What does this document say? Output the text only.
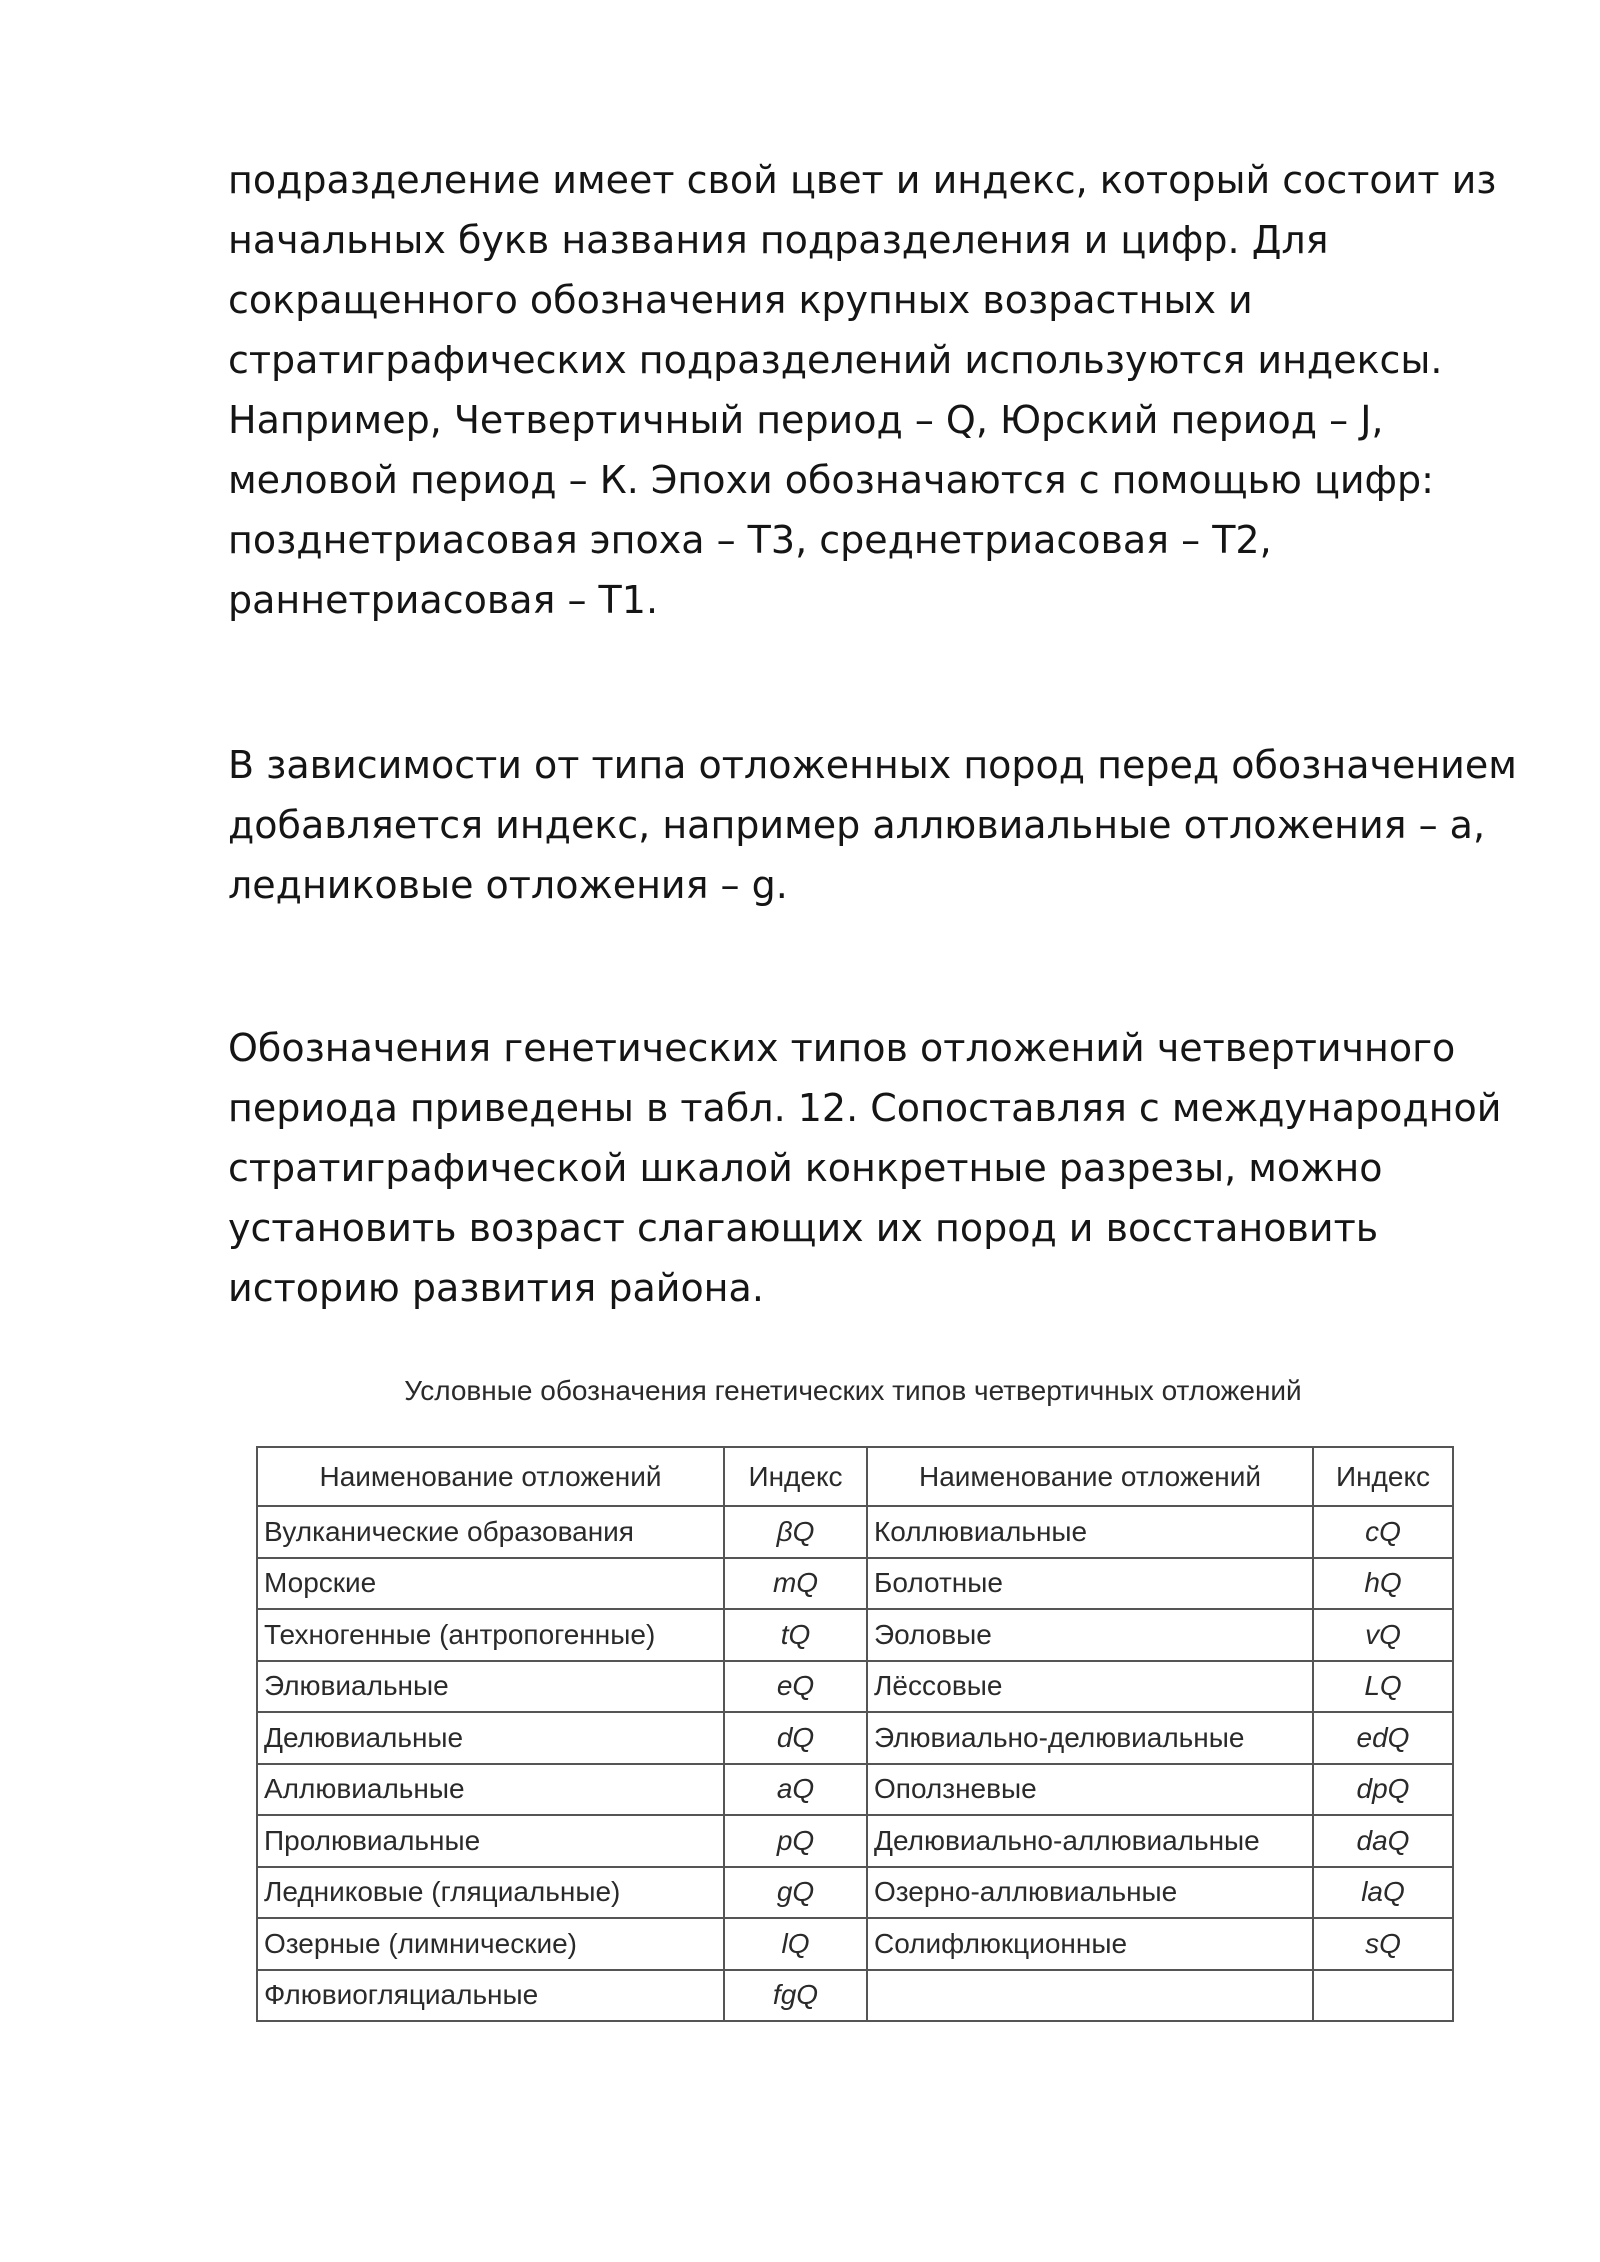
подразделение имеет свой цвет и индекс, который состоит из
начальных букв названия подразделения и цифр. Для
сокращенного обозначения крупных возрастных и
стратиграфических подразделений используются индексы.
Например, Четвертичный период – Q, Юрский период – J,
меловой период – К. Эпохи обозначаются с помощью цифр:
позднетриасовая эпоха – Т3, среднетриасовая – Т2,
раннетриасовая – Т1.

В зависимости от типа отложенных пород перед обозначением
добавляется индекс, например аллювиальные отложения – а,
ледниковые отложения – g.

Обозначения генетических типов отложений четвертичного
периода приведены в табл. 12. Сопоставляя с международной
стратиграфической шкалой конкретные разрезы, можно
установить возраст слагающих их пород и восстановить
историю развития района.

Условные обозначения генетических типов четвертичных отложений
Наименование отложений	Индекс	Наименование отложений	Индекс
Вулканические образования	βQ	Коллювиальные	cQ
Морские	mQ	Болотные	hQ
Техногенные (антропогенные)	tQ	Эоловые	vQ
Элювиальные	eQ	Лёссовые	LQ
Делювиальные	dQ	Элювиально-делювиальные	edQ
Аллювиальные	aQ	Оползневые	dpQ
Пролювиальные	pQ	Делювиально-аллювиальные	daQ
Ледниковые (гляциальные)	gQ	Озерно-аллювиальные	laQ
Озерные (лимнические)	lQ	Солифлюкционные	sQ
Флювиогляциальные	fgQ		
